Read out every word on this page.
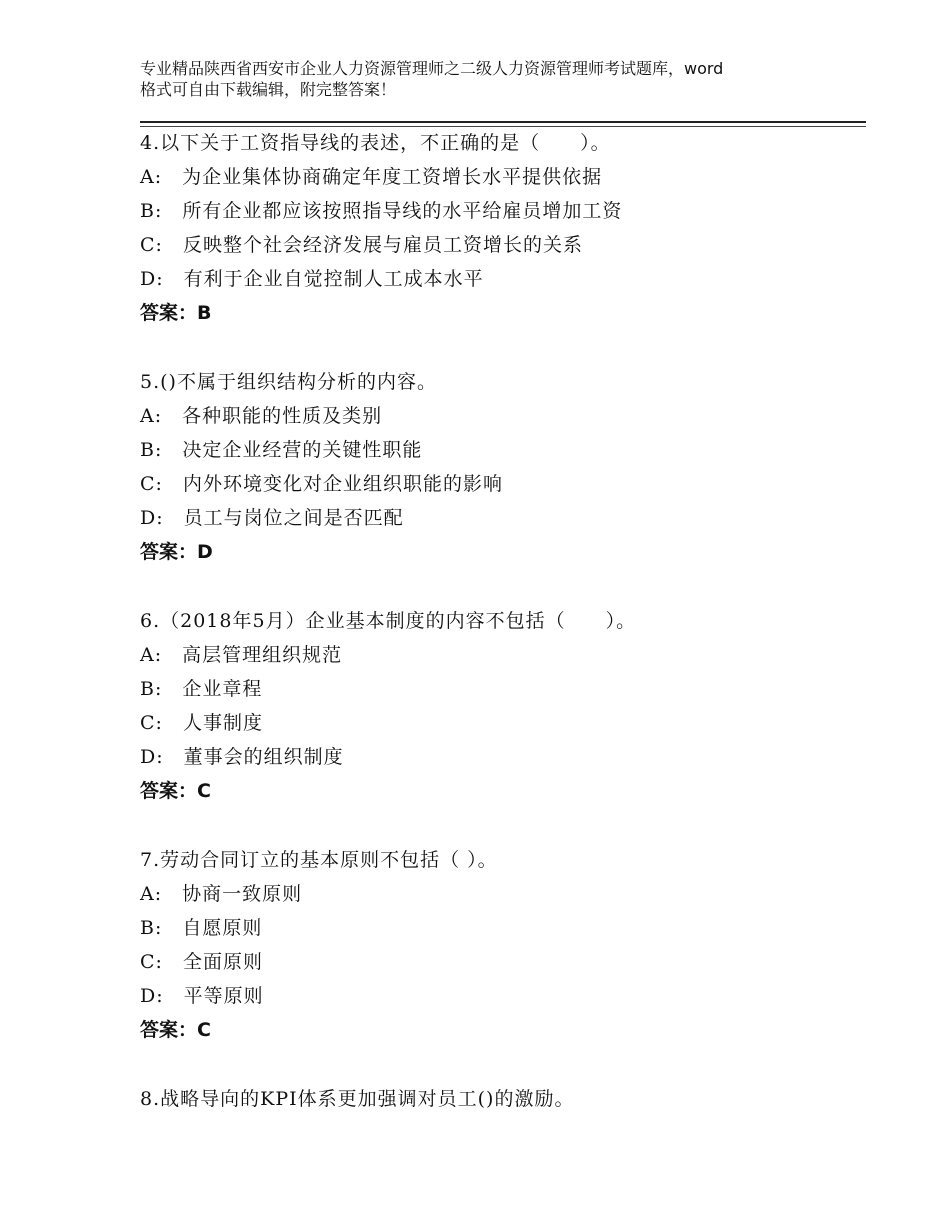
专业精品陕西省西安市企业人力资源管理师之二级人力资源管理师考试题库，word
格式可自由下载编辑，附完整答案！
4.以下关于工资指导线的表述，不正确的是（　　）。
A:　为企业集体协商确定年度工资增长水平提供依据
B:　所有企业都应该按照指导线的水平给雇员增加工资
C:　反映整个社会经济发展与雇员工资增长的关系
D:　有利于企业自觉控制人工成本水平
答案：B
5.()不属于组织结构分析的内容。
A:　各种职能的性质及类别
B:　决定企业经营的关键性职能
C:　内外环境变化对企业组织职能的影响
D:　员工与岗位之间是否匹配
答案：D
6.（2018年5月）企业基本制度的内容不包括（　　）。
A:　高层管理组织规范
B:　企业章程
C:　人事制度
D:　董事会的组织制度
答案：C
7.劳动合同订立的基本原则不包括（ ）。
A:　协商一致原则
B:　自愿原则
C:　全面原则
D:　平等原则
答案：C
8.战略导向的KPI体系更加强调对员工()的激励。
